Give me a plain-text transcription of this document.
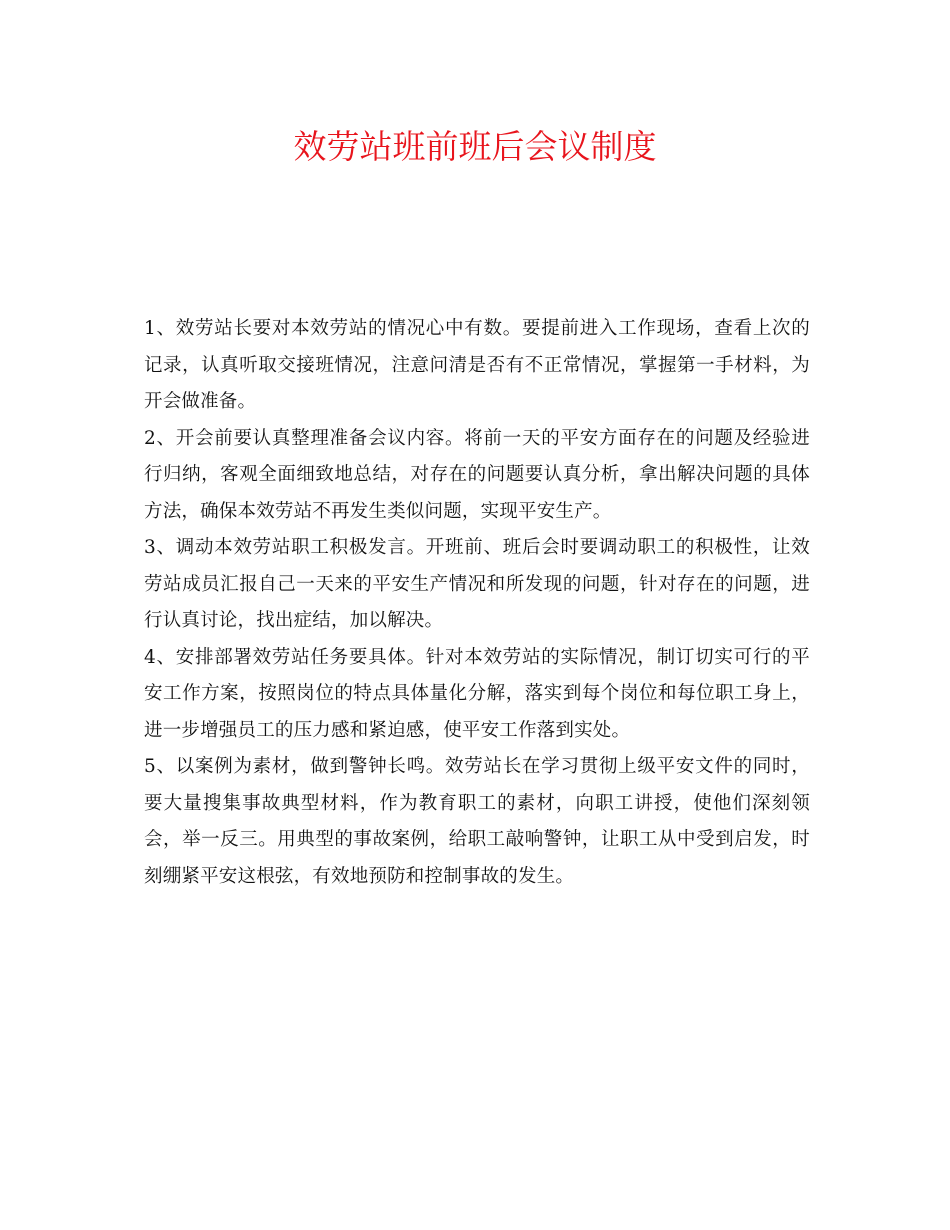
效劳站班前班后会议制度

1、效劳站长要对本效劳站的情况心中有数。要提前进入工作现场，查看上次的记录，认真听取交接班情况，注意问清是否有不正常情况，掌握第一手材料，为开会做准备。

2、开会前要认真整理准备会议内容。将前一天的平安方面存在的问题及经验进行归纳，客观全面细致地总结，对存在的问题要认真分析，拿出解决问题的具体方法，确保本效劳站不再发生类似问题，实现平安生产。

3、调动本效劳站职工积极发言。开班前、班后会时要调动职工的积极性，让效劳站成员汇报自己一天来的平安生产情况和所发现的问题，针对存在的问题，进行认真讨论，找出症结，加以解决。

4、安排部署效劳站任务要具体。针对本效劳站的实际情况，制订切实可行的平安工作方案，按照岗位的特点具体量化分解，落实到每个岗位和每位职工身上，进一步增强员工的压力感和紧迫感，使平安工作落到实处。

5、以案例为素材，做到警钟长鸣。效劳站长在学习贯彻上级平安文件的同时，要大量搜集事故典型材料，作为教育职工的素材，向职工讲授，使他们深刻领会，举一反三。用典型的事故案例，给职工敲响警钟，让职工从中受到启发，时刻绷紧平安这根弦，有效地预防和控制事故的发生。
